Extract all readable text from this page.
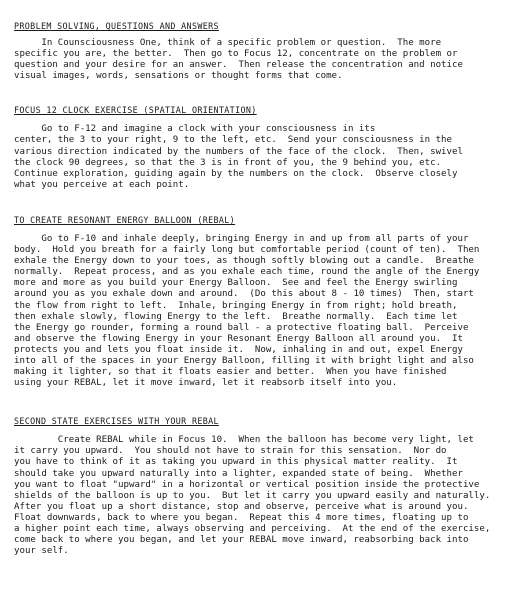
PROBLEM SOLVING, QUESTIONS AND ANSWERS
In Counsciousness One, think of a specific problem or question.  The more
specific you are, the better.  Then go to Focus 12, concentrate on the problem or
question and your desire for an answer.  Then release the concentration and notice
visual images, words, sensations or thought forms that come.
FOCUS 12 CLOCK EXERCISE (SPATIAL ORIENTATION)
Go to F-12 and imagine a clock with your consciousness in its
center, the 3 to your right, 9 to the left, etc.  Send your consciousness in the
various direction indicated by the numbers of the face of the clock.  Then, swivel
the clock 90 degrees, so that the 3 is in front of you, the 9 behind you, etc.
Continue exploration, guiding again by the numbers on the clock.  Observe closely
what you perceive at each point.
TO CREATE RESONANT ENERGY BALLOON (REBAL)
Go to F-10 and inhale deeply, bringing Energy in and up from all parts of your
body.  Hold you breath for a fairly long but comfortable period (count of ten).  Then
exhale the Energy down to your toes, as though softly blowing out a candle.  Breathe
normally.  Repeat process, and as you exhale each time, round the angle of the Energy
more and more as you build your Energy Balloon.  See and feel the Energy swirling
around you as you exhale down and around.  (Do this about 8 - 10 times)  Then, start
the flow from right to left.  Inhale, bringing Energy in from right; hold breath,
then exhale slowly, flowing Energy to the left.  Breathe normally.  Each time let
the Energy go rounder, forming a round ball - a protective floating ball.  Perceive
and observe the flowing Energy in your Resonant Energy Balloon all around you.  It
protects you and lets you float inside it.  Now, inhaling in and out, expel Energy
into all of the spaces in your Energy Balloon, filling it with bright light and also
making it lighter, so that it floats easier and better.  When you have finished
using your REBAL, let it move inward, let it reabsorb itself into you.
SECOND STATE EXERCISES WITH YOUR REBAL
Create REBAL while in Focus 10.  When the balloon has become very light, let
it carry you upward.  You should not have to strain for this sensation.  Nor do
you have to think of it as taking you upward in this physical matter reality.  It
should take you upward naturally into a lighter, expanded state of being.  Whether
you want to float "upward" in a horizontal or vertical position inside the protective
shields of the balloon is up to you.  But let it carry you upward easily and naturally.
After you float up a short distance, stop and observe, perceive what is around you.
Float downwards, back to where you began.  Repeat this 4 more times, floating up to
a higher point each time, always observing and perceiving.  At the end of the exercise,
come back to where you began, and let your REBAL move inward, reabsorbing back into
your self.
